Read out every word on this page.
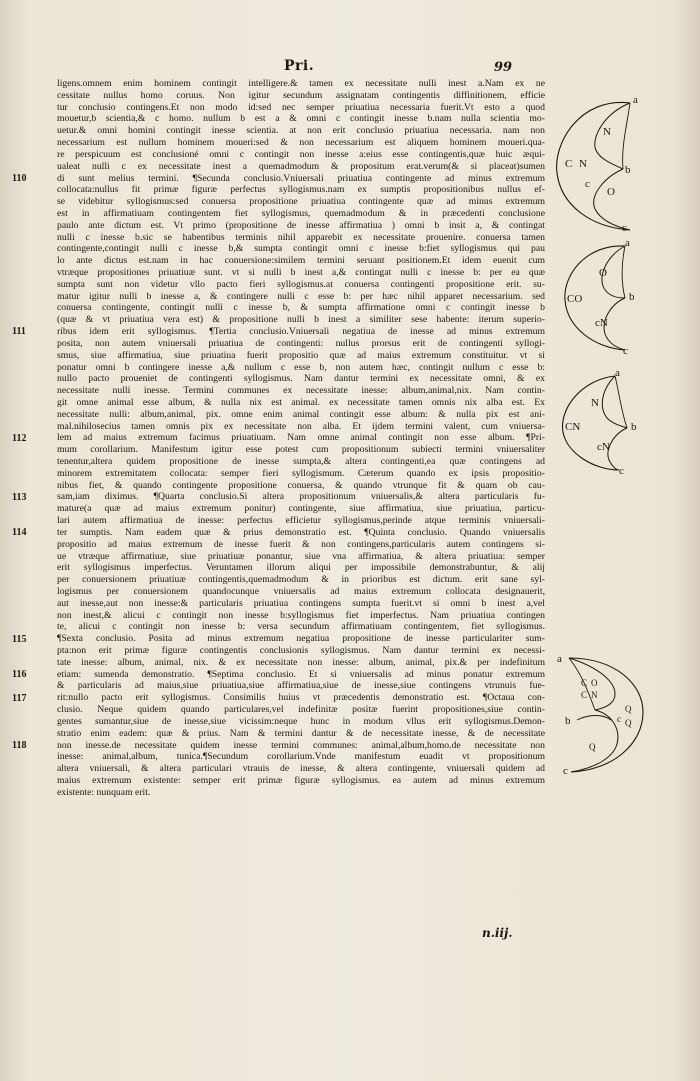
Pri.	99
ligens.omnem enim hominem contingit intelligere.& tamen ex necessitate nulli inest a.Nam ex ne
cessitate nullus homo coruus. Non igitur secundum assignatam contingentis diffinitionem, efficie
tur conclusio contingens.Et non modo id:sed nec semper priuatiua necessaria fuerit.Vt esto a quod
mouetur,b scientia,& c homo. nullum b est a & omni c contingit inesse b.nam nulla scientia mo-
uetur.& omni homini contingit inesse scientia. at non erit conclusio priuatiua necessaria. nam non
necessarium est nullum hominem moueri:sed & non necessarium est aliquem hominem moueri.qua-
re perspicuum est conclusioné omni c contingit non inesse a:eius esse contingentis,quæ huic æqui-
ualeat nulli c ex necessitate inest a quemadmodum & propositum erat.verum(& si placeat)sumen
di sunt melius termini. ¶Secunda conclusio.Vniuersali priuatiua contingente ad minus extremum
collocata:nullus fit primæ figuræ perfectus syllogismus.nam ex sumptis propositionibus nullus ef-
se videbitur syllogismus:sed conuersa propositione priuatiua contingente quæ ad minus extremum
est in affirmatiuam contingentem fiet syllogismus, quemadmodum & in præcedenti conclusione
paulo ante dictum est. Vt primo (propositione de inesse affirmatiua ) omni b insit a, & contingat
nulli c inesse b.sic se habentibus terminis nihil apparebit ex necessitate prouenire. conuersa tamen
contingente,contingit nulli c inesse b,& sumpta contingit omni c inesse b:fiet syllogismus qui pau
lo ante dictus est.nam in hac conuersione:similem termini seruant positionem.Et idem euenit cum
vtræque propositiones priuatiuæ sunt. vt si nulli b inest a,& contingat nulli c inesse b: per ea quæ
sumpta sunt non videtur vllo pacto fieri syllogismus.at conuersa contingenti propositione erit. su-
matur igitur nulli b inesse a, & contingere nulli c esse b: per hæc nihil apparet necessarium. sed
conuersa contingente, contingit nulli c inesse b, & sumpta affirmatione omni c contingit inesse b
(quæ & vt priuatiua vera est) & propositione nulli b inest a similiter sese habente: iterum superio-
ribus idem erit syllogismus. ¶Tertia conclusio.Vniuersali negatiua de inesse ad minus extremum
posita, non autem vniuersali priuatiua de contingenti: nullus prorsus erit de contingenti syllogi-
smus, siue affirmatiua, siue priuatiua fuerit propositio quæ ad maius extremum constituitur. vt si
ponatur omni b contingere inesse a,& nullum c esse b, non autem hæc, contingit nullum c esse b:
nullo pacto proueniet de contingenti syllogismus. Nam dantur termini ex necessitate omni, & ex
necessitate nulli inesse. Termini communes ex necessitate inesse: album,animal,nix. Nam contin-
git omne animal esse album, & nulla nix est animal. ex necessitate tamen omnis nix alba est. Ex
necessitate nulli: album,animal, pix. omne enim animal contingit esse album: & nulla pix est ani-
mal.nihilosecius tamen omnis pix ex necessitate non alba. Et ijdem termini valent, cum vniuersa-
lem ad maius extremum facimus priuatiuam. Nam omne animal contingit non esse album. ¶Pri-
mum corollarium. Manifestum igitur esse potest cum propositionum subiecti termini vniuersaliter
tenentur,altera quidem propositione de inesse sumpta,& altera contingenti,ea quæ contingens ad
minorem extremitatem collocata: semper fieri syllogismum. Cæterum quando ex ipsis propositio-
nibus fiet, & quando contingente propositione conuersa, & quando vtrunque fit & quam ob cau-
sam,iam diximus. ¶Quarta conclusio.Si altera propositionum vniuersalis,& altera particularis fu-
mature(a quæ ad maius extremum ponitur) contingente, siue affirmatiua, siue priuatiua, particu-
lari autem affirmatiua de inesse: perfectus efficietur syllogismus,perinde atque terminis vniuersali-
ter sumptis. Nam eadem quæ & prius demonstratio est. ¶Quinta conclusio. Quando vniuersalis
propositio ad maius extremum de inesse fuerit & non contingens,particularis autem contingens si-
ue vtræque affirmatiuæ, siue priuatiuæ ponantur, siue vna affirmatiua, & altera priuatiua: semper
erit syllogismus imperfectus. Veruntamen illorum aliqui per impossibile demonstrabuntur, & alij
per conuersionem priuatiuæ contingentis,quemadmodum & in prioribus est dictum. erit sane syl-
logismus per conuersionem quandocunque vniuersalis ad maius extremum collocata designauerit,
aut inesse,aut non inesse:& particularis priuatiua contingens sumpta fuerit.vt si omni b inest a,vel
non inest,& alicui c contingit non inesse b:syllogismus fiet imperfectus. Nam priuatiua contingen
te, alicui c contingit non inesse b: versa secundum affirmatiuam contingentem, fiet syllogismus.
¶Sexta conclusio. Posita ad minus extremum negatiua propositione de inesse particulariter sum-
pta:non erit primæ figuræ contingentis conclusionis syllogismus. Nam dantur termini ex necessi-
tate inesse: album, animal, nix. & ex necessitate non inesse: album, animal, pix.& per indefinitum
etiam: sumenda demonstratio. ¶Septima conclusio. Et si vniuersalis ad minus ponatur extremum
& particularis ad maius,siue priuatiua,siue affirmatiua,siue de inesse,siue contingens vtrunuis fue-
rit:nullo pacto erit syllogismus. Consimilis huius vt præcedentis demonstratio est. ¶Octaua con-
clusio. Neque quidem quando particulares,vel indefinitæ positæ fuerint propositiones,siue contin-
gentes sumantur,siue de inesse,siue vicissim:neque hunc in modum vllus erit syllogismus.Demon-
stratio enim eadem: quæ & prius. Nam & termini dantur & de necessitate inesse, & de necessitate
non inesse.de necessitate quidem inesse termini communes: animal,album,homo.de necessitate non
inesse: animal,album, tunica.¶Secundum corollarium.Vnde manifestum euadit vt propositionum
altera vniuersali, & altera particulari vtrauis de inesse, & altera contingente, vniuersali quidem ad
maius extremum existente: semper erit primæ figuræ syllogismus. ea autem ad minus extremum
existente: nunquam erit.
110
111
112
113
114
115
116
117
118
a
N
C N	b
O
c
c
a
O
CO	b
cN
c
a
N
CN	b
cN
c
a
C O
C N
Q
b	c Q
Q
c
n.iij.
